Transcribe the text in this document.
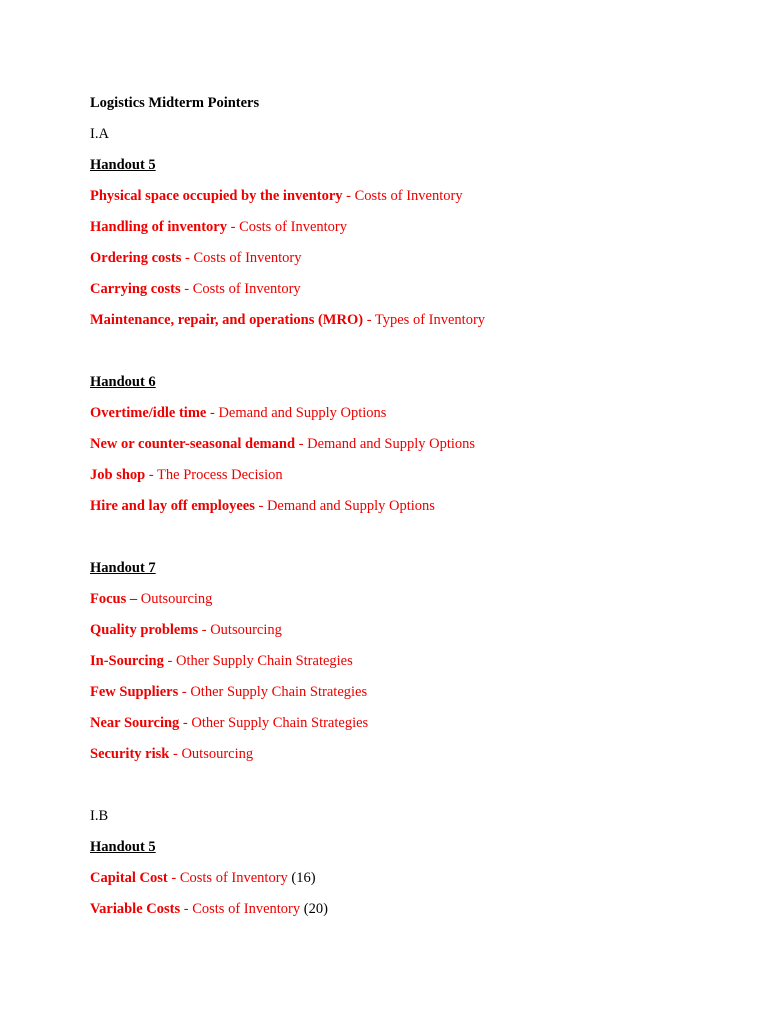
Logistics Midterm Pointers
I.A
Handout 5
Physical space occupied by the inventory - Costs of Inventory
Handling of inventory - Costs of Inventory
Ordering costs - Costs of Inventory
Carrying costs - Costs of Inventory
Maintenance, repair, and operations (MRO) - Types of Inventory
Handout 6
Overtime/idle time - Demand and Supply Options
New or counter-seasonal demand - Demand and Supply Options
Job shop - The Process Decision
Hire and lay off employees - Demand and Supply Options
Handout 7
Focus – Outsourcing
Quality problems - Outsourcing
In-Sourcing - Other Supply Chain Strategies
Few Suppliers - Other Supply Chain Strategies
Near Sourcing - Other Supply Chain Strategies
Security risk - Outsourcing
I.B
Handout 5
Capital Cost - Costs of Inventory (16)
Variable Costs - Costs of Inventory (20)
